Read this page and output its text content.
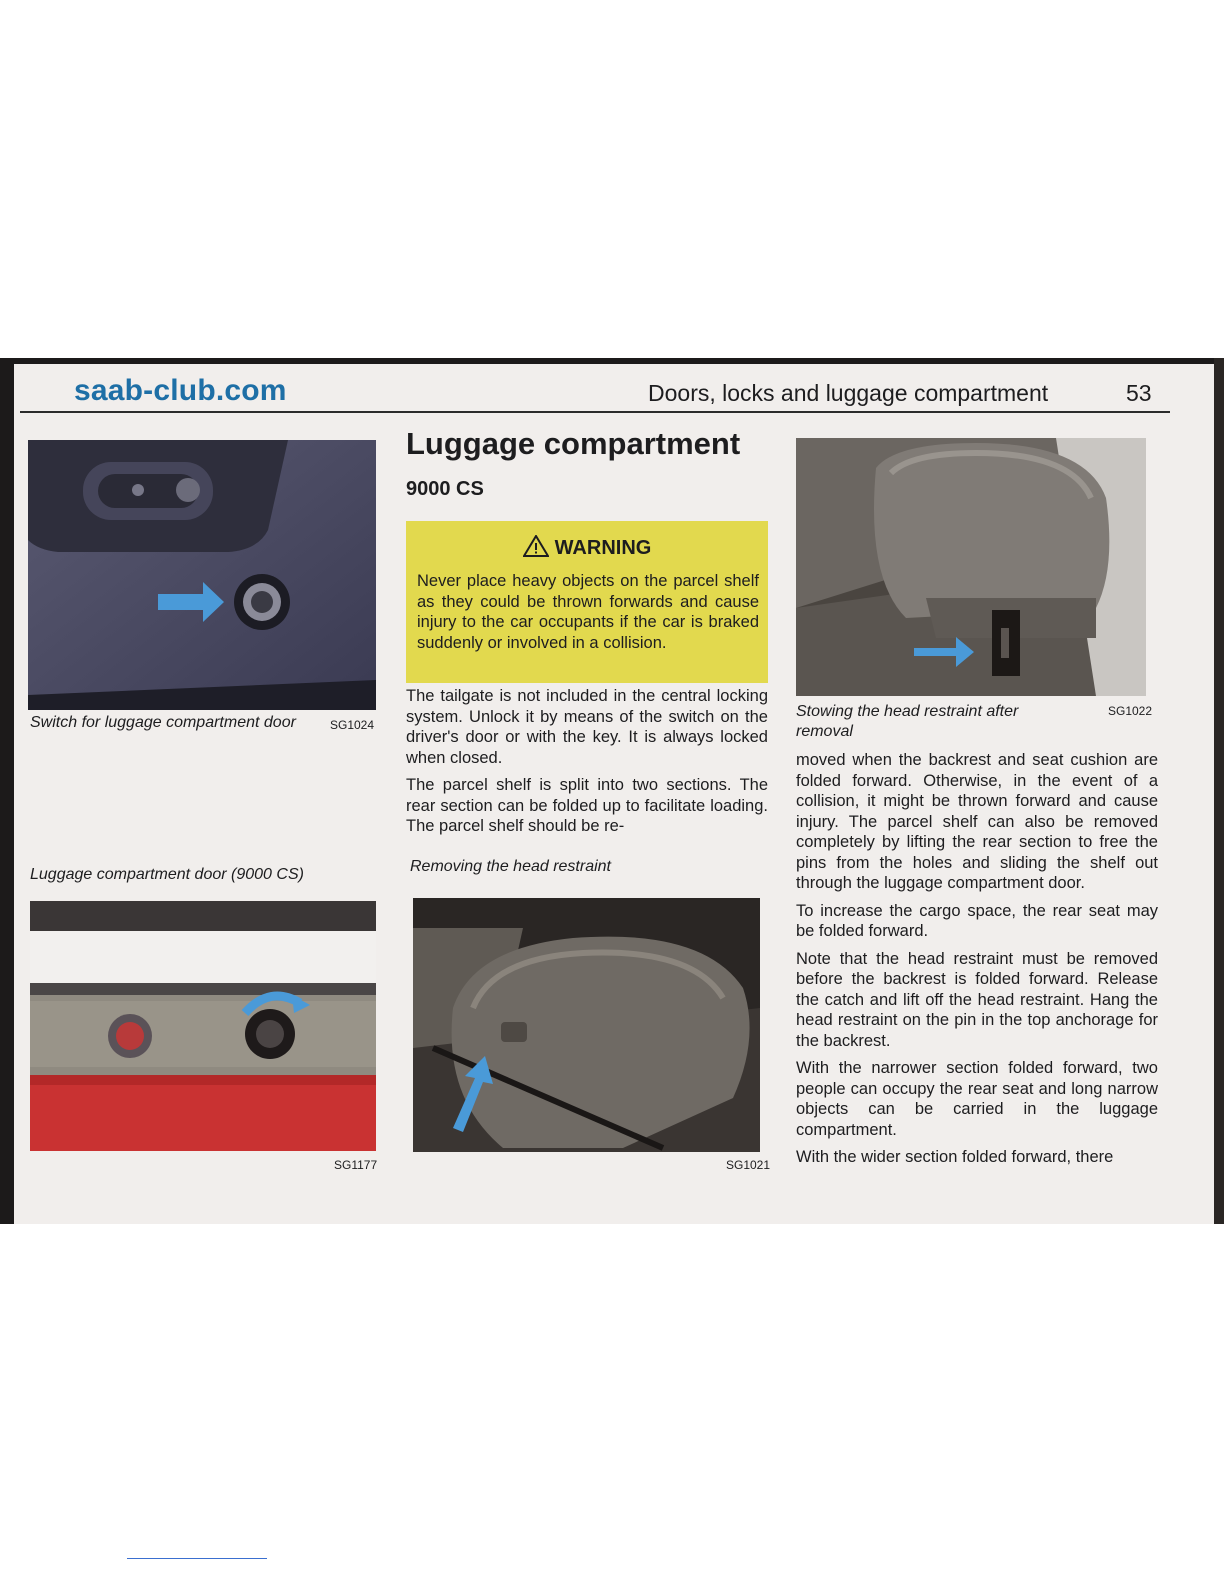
saab-club.com	Doors, locks and luggage compartment	53
Switch for luggage compartment door	SG1024
Luggage compartment door (9000 CS)
SG1177
Luggage compartment
9000 CS
WARNING
Never place heavy objects on the parcel shelf as they could be thrown forwards and cause injury to the car occupants if the car is braked suddenly or involved in a collision.

The tailgate is not included in the central locking system. Unlock it by means of the switch on the driver's door or with the key. It is always locked when closed.

The parcel shelf is split into two sections. The rear section can be folded up to facilitate loading. The parcel shelf should be re-

Removing the head restraint
SG1021
Stowing the head restraint after removal
SG1022

moved when the backrest and seat cushion are folded forward. Otherwise, in the event of a collision, it might be thrown forward and cause injury. The parcel shelf can also be removed completely by lifting the rear section to free the pins from the holes and sliding the shelf out through the luggage compartment door.

To increase the cargo space, the rear seat may be folded forward.

Note that the head restraint must be removed before the backrest is folded forward. Release the catch and lift off the head restraint. Hang the head restraint on the pin in the top anchorage for the backrest.

With the narrower section folded forward, two people can occupy the rear seat and long narrow objects can be carried in the luggage compartment.

With the wider section folded forward, there
